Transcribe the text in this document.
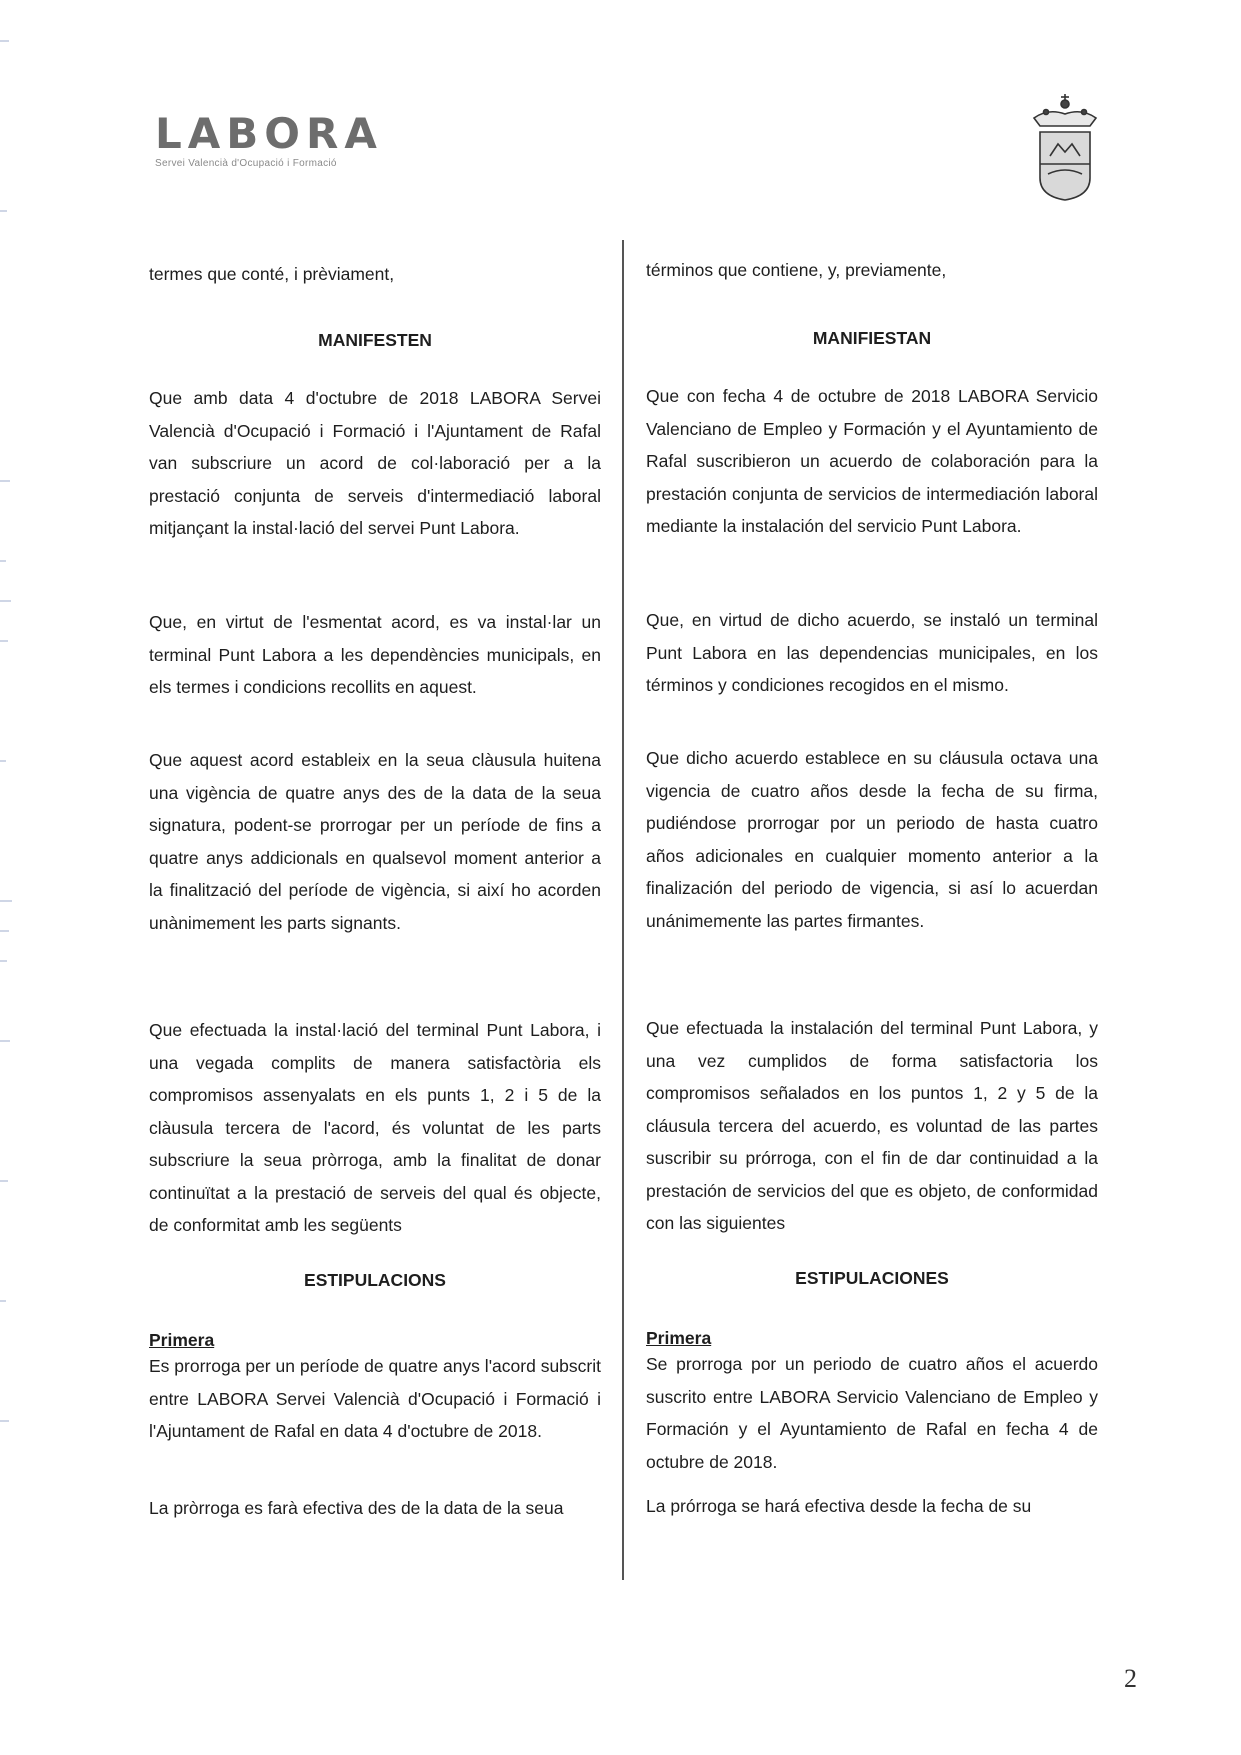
LABORA
Servei Valencià d'Ocupació i Formació

termes que conté, i prèviament,

MANIFESTEN

Que amb data 4 d'octubre de 2018 LABORA Servei Valencià d'Ocupació i Formació i l'Ajuntament de Rafal van subscriure un acord de col·laboració per a la prestació conjunta de serveis d'intermediació laboral mitjançant la instal·lació del servei Punt Labora.

Que, en virtut de l'esmentat acord, es va instal·lar un terminal Punt Labora a les dependències municipals, en els termes i condicions recollits en aquest.

Que aquest acord estableix en la seua clàusula huitena una vigència de quatre anys des de la data de la seua signatura, podent-se prorrogar per un període de fins a quatre anys addicionals en qualsevol moment anterior a la finalització del període de vigència, si així ho acorden unànimement les parts signants.

Que efectuada la instal·lació del terminal Punt Labora, i una vegada complits de manera satisfactòria els compromisos assenyalats en els punts 1, 2 i 5 de la clàusula tercera de l'acord, és voluntat de les parts subscriure la seua pròrroga, amb la finalitat de donar continuïtat a la prestació de serveis del qual és objecte, de conformitat amb les següents

ESTIPULACIONS

Primera

Es prorroga per un període de quatre anys l'acord subscrit entre LABORA Servei Valencià d'Ocupació i Formació i l'Ajuntament de Rafal en data 4 d'octubre de 2018.

La pròrroga es farà efectiva des de la data de la seua

términos que contiene, y, previamente,

MANIFIESTAN

Que con fecha 4 de octubre de 2018 LABORA Servicio Valenciano de Empleo y Formación y el Ayuntamiento de Rafal suscribieron un acuerdo de colaboración para la prestación conjunta de servicios de intermediación laboral mediante la instalación del servicio Punt Labora.

Que, en virtud de dicho acuerdo, se instaló un terminal Punt Labora en las dependencias municipales, en los términos y condiciones recogidos en el mismo.

Que dicho acuerdo establece en su cláusula octava una vigencia de cuatro años desde la fecha de su firma, pudiéndose prorrogar por un periodo de hasta cuatro años adicionales en cualquier momento anterior a la finalización del periodo de vigencia, si así lo acuerdan unánimemente las partes firmantes.

Que efectuada la instalación del terminal Punt Labora, y una vez cumplidos de forma satisfactoria los compromisos señalados en los puntos 1, 2 y 5 de la cláusula tercera del acuerdo, es voluntad de las partes suscribir su prórroga, con el fin de dar continuidad a la prestación de servicios del que es objeto, de conformidad con las siguientes

ESTIPULACIONES

Primera

Se prorroga por un periodo de cuatro años el acuerdo suscrito entre LABORA Servicio Valenciano de Empleo y Formación y el Ayuntamiento de Rafal en fecha 4 de octubre de 2018.

La prórroga se hará efectiva desde la fecha de su

2
